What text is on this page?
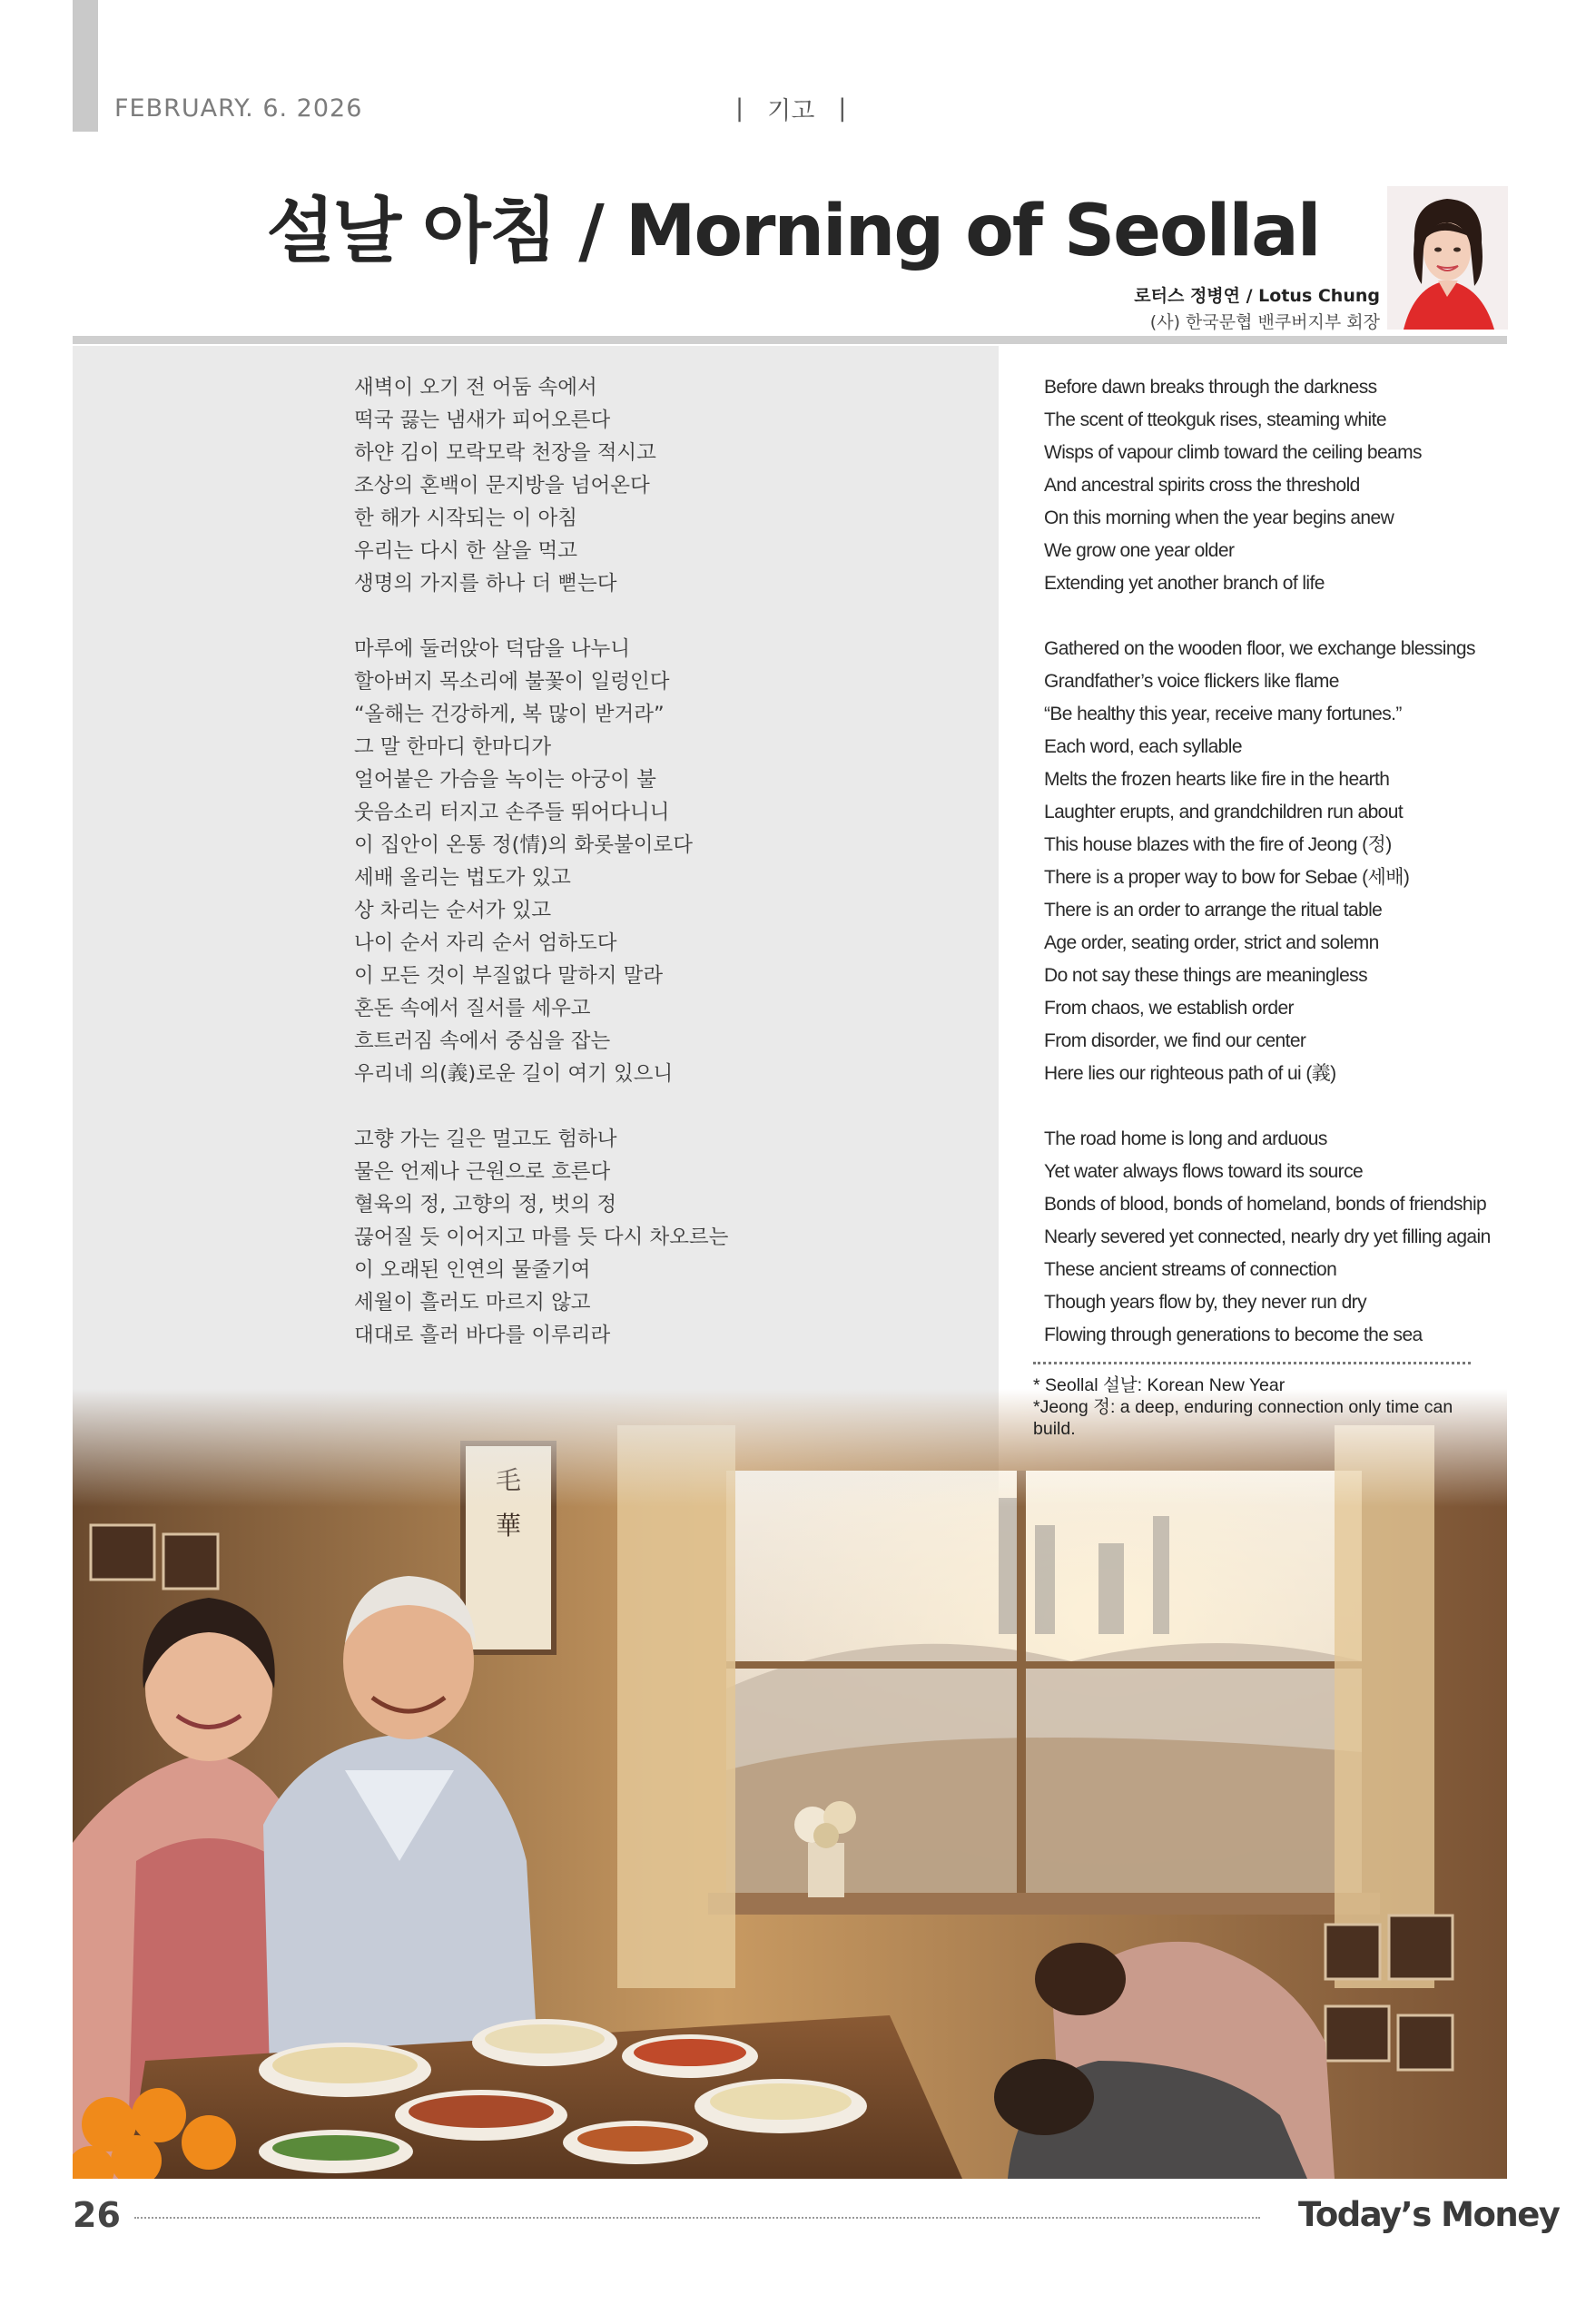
FEBRUARY. 6. 2026	| 기고 |
설날 아침 / Morning of Seollal
로터스 정병연 / Lotus Chung
(사) 한국문협 밴쿠버지부 회장
새벽이 오기 전 어둠 속에서
떡국 끓는 냄새가 피어오른다
하얀 김이 모락모락 천장을 적시고
조상의 혼백이 문지방을 넘어온다
한 해가 시작되는 이 아침
우리는 다시 한 살을 먹고
생명의 가지를 하나 더 뻗는다
마루에 둘러앉아 덕담을 나누니
할아버지 목소리에 불꽃이 일렁인다
“올해는 건강하게, 복 많이 받거라”
그 말 한마디 한마디가
얼어붙은 가슴을 녹이는 아궁이 불
웃음소리 터지고 손주들 뛰어다니니
이 집안이 온통 정(情)의 화롯불이로다
세배 올리는 법도가 있고
상 차리는 순서가 있고
나이 순서 자리 순서 엄하도다
이 모든 것이 부질없다 말하지 말라
혼돈 속에서 질서를 세우고
흐트러짐 속에서 중심을 잡는
우리네 의(義)로운 길이 여기 있으니
고향 가는 길은 멀고도 험하나
물은 언제나 근원으로 흐른다
혈육의 정, 고향의 정, 벗의 정
끊어질 듯 이어지고 마를 듯 다시 차오르는
이 오래된 인연의 물줄기여
세월이 흘러도 마르지 않고
대대로 흘러 바다를 이루리라
Before dawn breaks through the darkness
The scent of tteokguk rises, steaming white
Wisps of vapour climb toward the ceiling beams
And ancestral spirits cross the threshold
On this morning when the year begins anew
We grow one year older
Extending yet another branch of life
Gathered on the wooden floor, we exchange blessings
Grandfather’s voice flickers like flame
“Be healthy this year, receive many fortunes.”
Each word, each syllable
Melts the frozen hearts like fire in the hearth
Laughter erupts, and grandchildren run about
This house blazes with the fire of Jeong (정)
There is a proper way to bow for Sebae (세배)
There is an order to arrange the ritual table
Age order, seating order, strict and solemn
Do not say these things are meaningless
From chaos, we establish order
From disorder, we find our center
Here lies our righteous path of ui (義)
The road home is long and arduous
Yet water always flows toward its source
Bonds of blood, bonds of homeland, bonds of friendship
Nearly severed yet connected, nearly dry yet filling again
These ancient streams of connection
Though years flow by, they never run dry
Flowing through generations to become the sea
華
* Seollal 설날: Korean New Year
*Jeong 정: a deep, enduring connection only time can build.
26	Today’s Money
